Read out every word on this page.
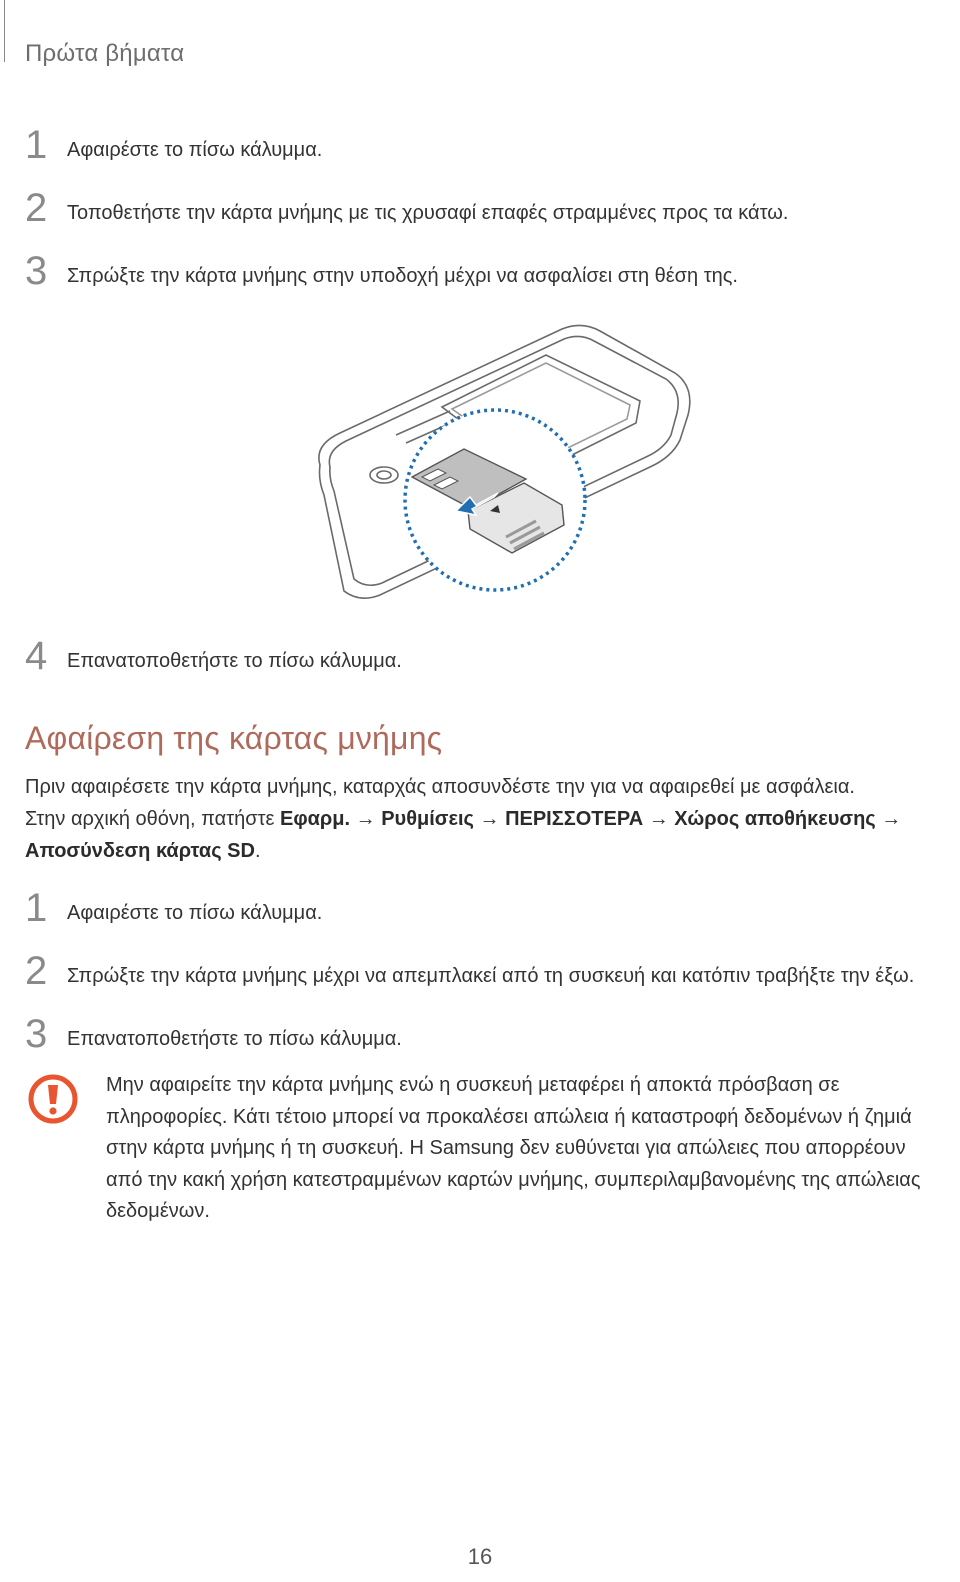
Πρώτα βήματα
1 Αφαιρέστε το πίσω κάλυμμα.
2 Τοποθετήστε την κάρτα μνήμης με τις χρυσαφί επαφές στραμμένες προς τα κάτω.
3 Σπρώξτε την κάρτα μνήμης στην υποδοχή μέχρι να ασφαλίσει στη θέση της.
4 Επανατοποθετήστε το πίσω κάλυμμα.
Αφαίρεση της κάρτας μνήμης
Πριν αφαιρέσετε την κάρτα μνήμης, καταρχάς αποσυνδέστε την για να αφαιρεθεί με ασφάλεια.
Στην αρχική οθόνη, πατήστε Εφαρμ. → Ρυθμίσεις → ΠΕΡΙΣΣΟΤΕΡΑ → Χώρος αποθήκευσης →
Αποσύνδεση κάρτας SD.
1 Αφαιρέστε το πίσω κάλυμμα.
2 Σπρώξτε την κάρτα μνήμης μέχρι να απεμπλακεί από τη συσκευή και κατόπιν τραβήξτε την έξω.
3 Επανατοποθετήστε το πίσω κάλυμμα.
Μην αφαιρείτε την κάρτα μνήμης ενώ η συσκευή μεταφέρει ή αποκτά πρόσβαση σε
πληροφορίες. Κάτι τέτοιο μπορεί να προκαλέσει απώλεια ή καταστροφή δεδομένων ή ζημιά
στην κάρτα μνήμης ή τη συσκευή. Η Samsung δεν ευθύνεται για απώλειες που απορρέουν
από την κακή χρήση κατεστραμμένων καρτών μνήμης, συμπεριλαμβανομένης της απώλειας
δεδομένων.
16
